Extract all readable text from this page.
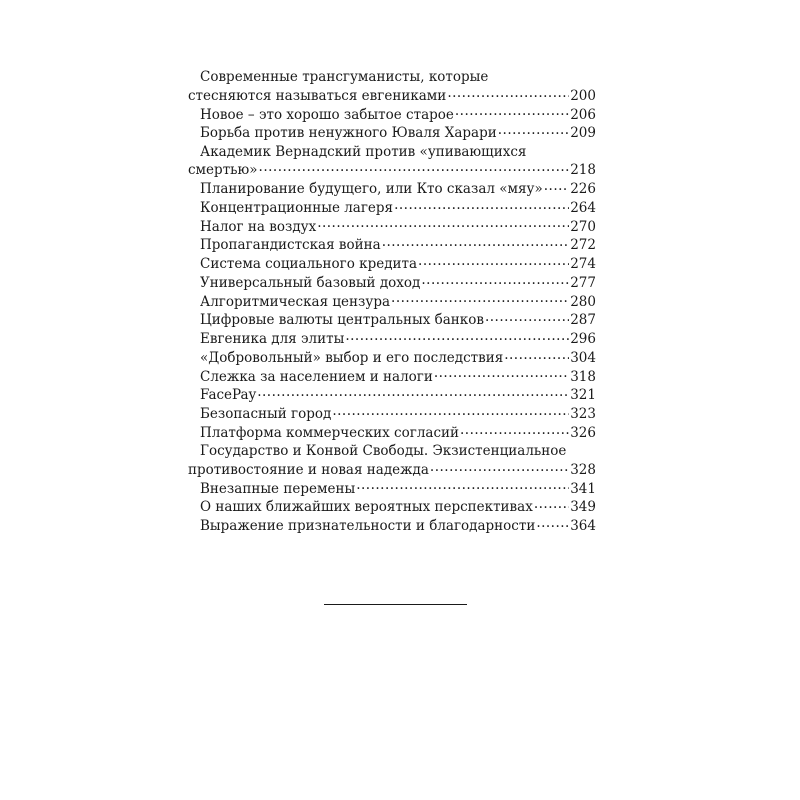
Современные трансгуманисты, которые
стесняются называться евгениками .....	200
Новое – это хорошо забытое старое .....	206
Борьба против ненужного Юваля Харари .....	209
Академик Вернадский против «упивающихся
смертью» .....	218
Планирование будущего, или Кто сказал «мяу» ..... 226
Концентрационные лагеря .....	264
Налог на воздух .....	270
Пропагандистская война .....	272
Система социального кредита .....	274
Универсальный базовый доход .....	277
Алгоритмическая цензура .....	280
Цифровые валюты центральных банков .....	287
Евгеника для элиты .....	296
«Добровольный» выбор и его последствия .....	304
Слежка за населением и налоги .....	318
FacePay .....	321
Безопасный город .....	323
Платформа коммерческих согласий .....	326
Государство и Конвой Свободы. Экзистенциальное
противостояние и новая надежда .....	328
Внезапные перемены .....	341
О наших ближайших вероятных перспективах .....	349
Выражение признательности и благодарности .....	364
